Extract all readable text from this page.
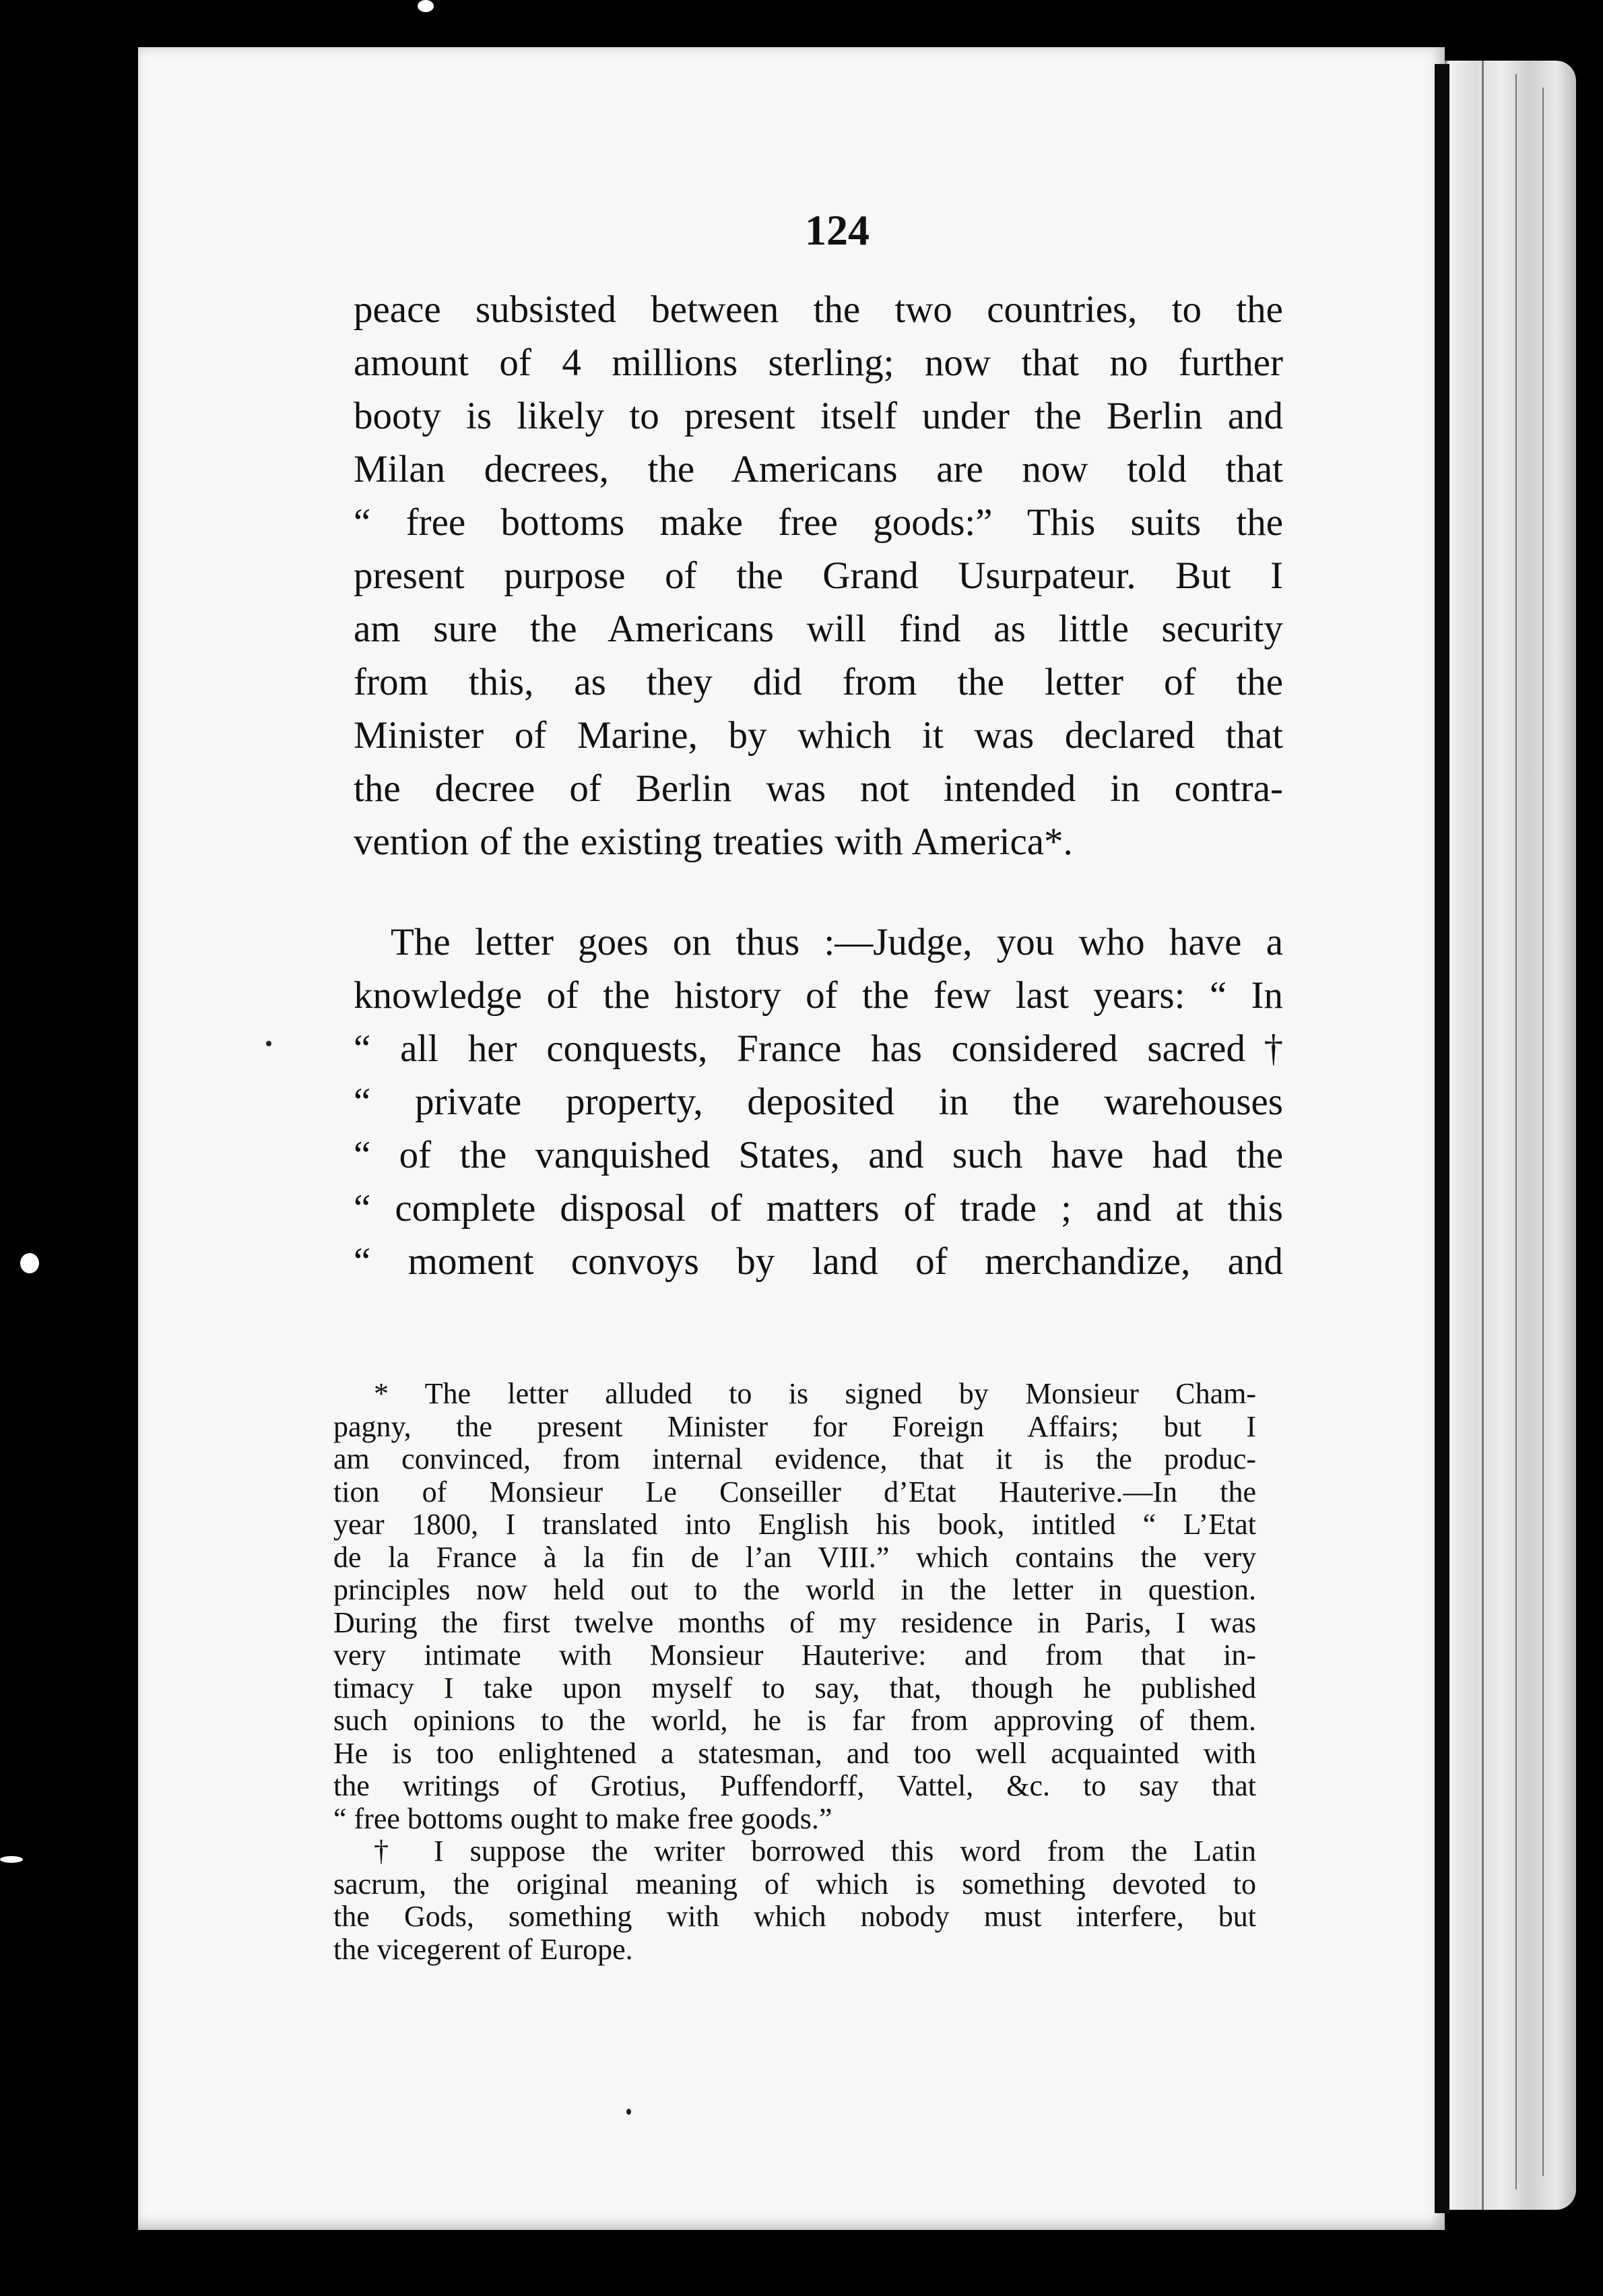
124
peace subsisted between the two countries, to the
amount of 4 millions sterling; now that no further
booty is likely to present itself under the Berlin and
Milan decrees, the Americans are now told that
“ free bottoms make free goods:” This suits the
present purpose of the Grand Usurpateur. But I
am sure the Americans will find as little security
from this, as they did from the letter of the
Minister of Marine, by which it was declared that
the decree of Berlin was not intended in contra-
vention of the existing treaties with America*.
The letter goes on thus :—Judge, you who have a
knowledge of the history of the few last years: “ In
“ all her conquests, France has considered sacred†
“ private property, deposited in the warehouses
“ of the vanquished States, and such have had the
“ complete disposal of matters of trade ; and at this
“ moment convoys by land of merchandize, and
* The letter alluded to is signed by Monsieur Cham-
pagny, the present Minister for Foreign Affairs; but I
am convinced, from internal evidence, that it is the produc-
tion of Monsieur Le Conseiller d’Etat Hauterive.—In the
year 1800, I translated into English his book, intitled “ L’Etat
de la France à la fin de l’an VIII.” which contains the very
principles now held out to the world in the letter in question.
During the first twelve months of my residence in Paris, I was
very intimate with Monsieur Hauterive: and from that in-
timacy I take upon myself to say, that, though he published
such opinions to the world, he is far from approving of them.
He is too enlightened a statesman, and too well acquainted with
the writings of Grotius, Puffendorff, Vattel, &c. to say that
“ free bottoms ought to make free goods.”
† I suppose the writer borrowed this word from the Latin
sacrum, the original meaning of which is something devoted to
the Gods, something with which nobody must interfere, but
the vicegerent of Europe.
